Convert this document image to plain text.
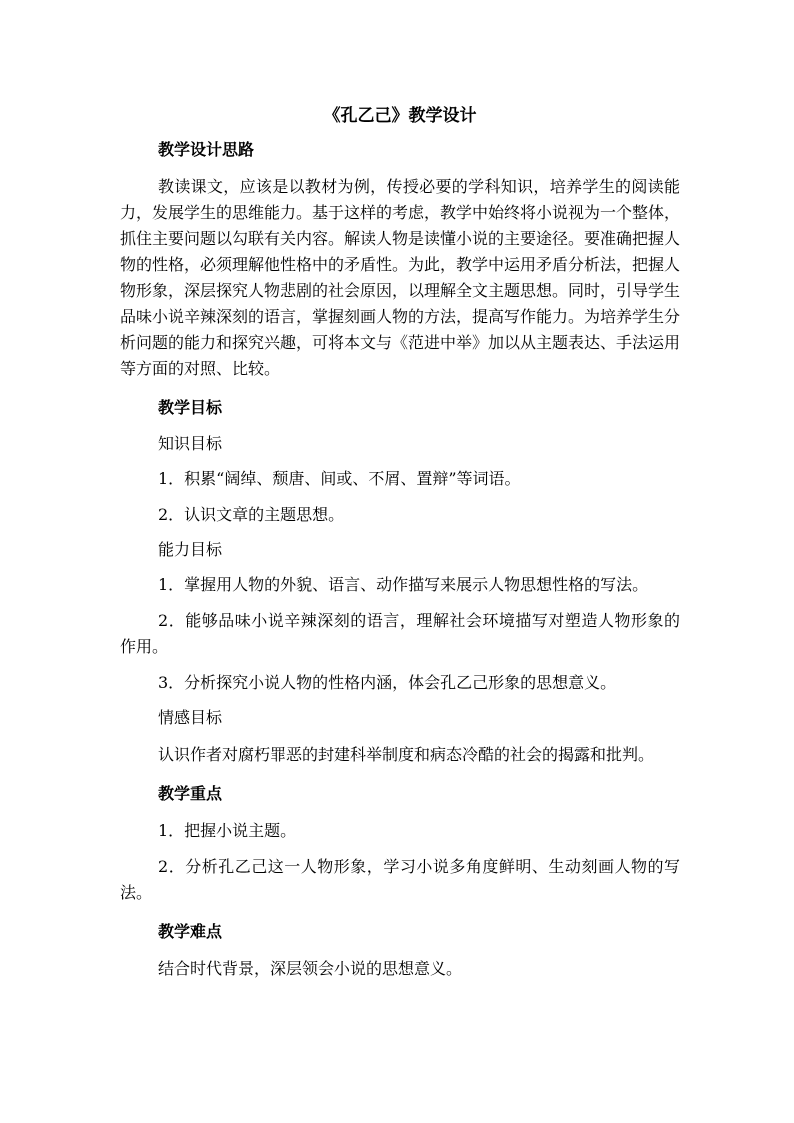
《孔乙己》教学设计
教学设计思路
教读课文，应该是以教材为例，传授必要的学科知识，培养学生的阅读能力，发展学生的思维能力。基于这样的考虑，教学中始终将小说视为一个整体，抓住主要问题以勾联有关内容。解读人物是读懂小说的主要途径。要准确把握人物的性格，必须理解他性格中的矛盾性。为此，教学中运用矛盾分析法，把握人物形象，深层探究人物悲剧的社会原因，以理解全文主题思想。同时，引导学生品味小说辛辣深刻的语言，掌握刻画人物的方法，提高写作能力。为培养学生分析问题的能力和探究兴趣，可将本文与《范进中举》加以从主题表达、手法运用等方面的对照、比较。
教学目标
知识目标
1．积累“阔绰、颓唐、间或、不屑、置辩”等词语。
2．认识文章的主题思想。
能力目标
1．掌握用人物的外貌、语言、动作描写来展示人物思想性格的写法。
2．能够品味小说辛辣深刻的语言，理解社会环境描写对塑造人物形象的作用。
3．分析探究小说人物的性格内涵，体会孔乙己形象的思想意义。
情感目标
认识作者对腐朽罪恶的封建科举制度和病态冷酷的社会的揭露和批判。
教学重点
1．把握小说主题。
2．分析孔乙己这一人物形象，学习小说多角度鲜明、生动刻画人物的写法。
教学难点
结合时代背景，深层领会小说的思想意义。
